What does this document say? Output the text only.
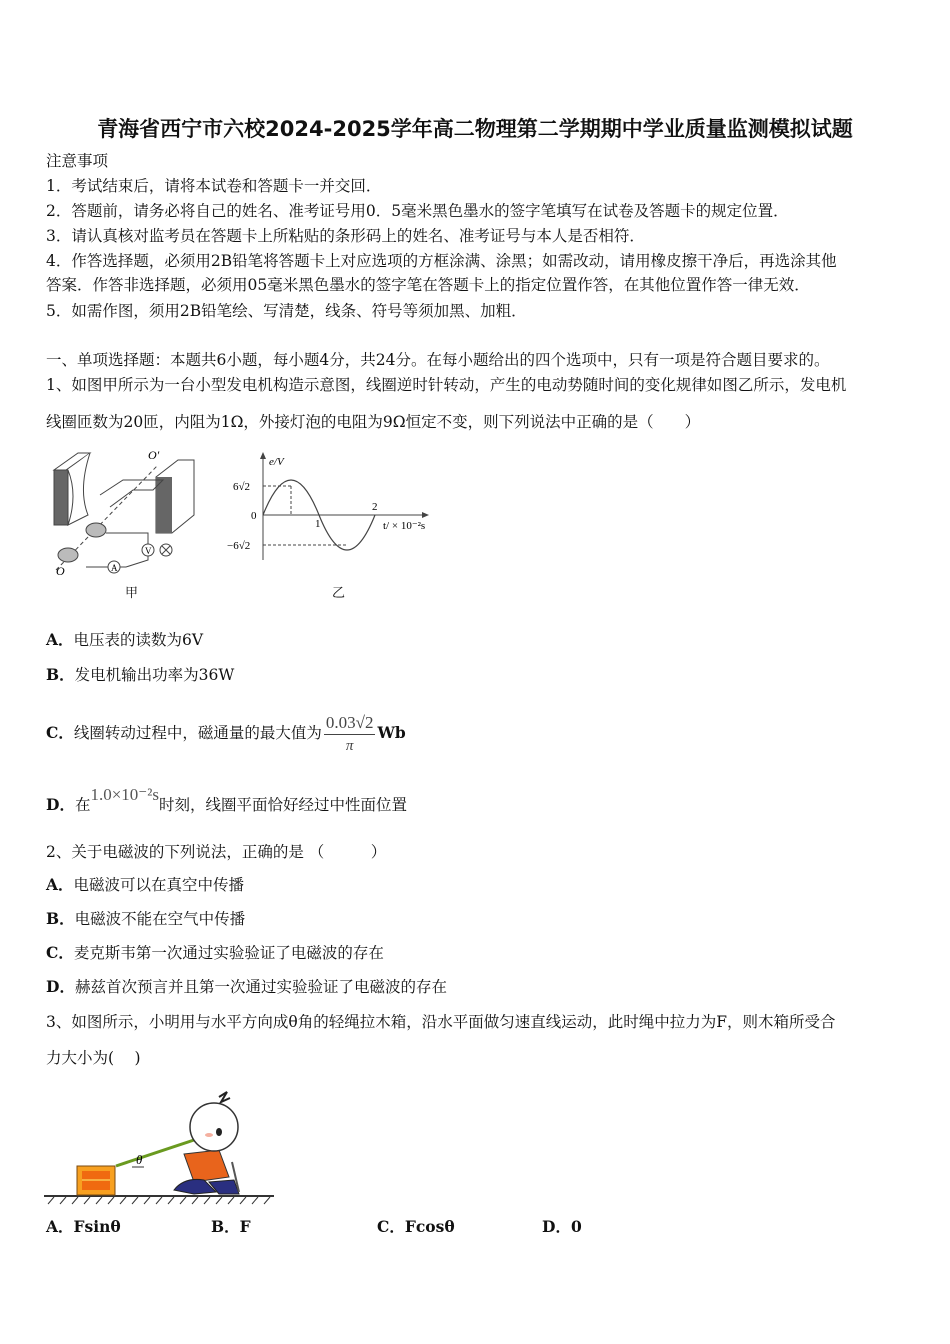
青海省西宁市六校2024-2025学年高二物理第二学期期中学业质量监测模拟试题
注意事项
1．考试结束后，请将本试卷和答题卡一并交回．
2．答题前，请务必将自己的姓名、准考证号用0．5毫米黑色墨水的签字笔填写在试卷及答题卡的规定位置．
3．请认真核对监考员在答题卡上所粘贴的条形码上的姓名、准考证号与本人是否相符．
4．作答选择题，必须用2B铅笔将答题卡上对应选项的方框涂满、涂黑；如需改动，请用橡皮擦干净后，再选涂其他
答案．作答非选择题，必须用05毫米黑色墨水的签字笔在答题卡上的指定位置作答，在其他位置作答一律无效．
5．如需作图，须用2B铅笔绘、写清楚，线条、符号等须加黑、加粗．
一、单项选择题：本题共6小题，每小题4分，共24分。在每小题给出的四个选项中，只有一项是符合题目要求的。
1、如图甲所示为一台小型发电机构造示意图，线圈逆时针转动，产生的电动势随时间的变化规律如图乙所示，发电机
线圈匝数为20匝，内阻为1Ω，外接灯泡的电阻为9Ω恒定不变，则下列说法中正确的是（　　）
V
A
O′
O
甲
e/V
6√2
0
−6√2
1
2
t/ × 10⁻²s
乙
A．电压表的读数为6V
B．发电机输出功率为36W
C．线圈转动过程中，磁通量的最大值为 $\frac{0.03√2}{\pi}$ Wb
D．在1.0×10⁻²s时刻，线圈平面恰好经过中性面位置
2、关于电磁波的下列说法，正确的是 （　　　）
A．电磁波可以在真空中传播
B．电磁波不能在空气中传播
C．麦克斯韦第一次通过实验验证了电磁波的存在
D．赫兹首次预言并且第一次通过实验验证了电磁波的存在
3、如图所示，小明用与水平方向成θ角的轻绳拉木箱，沿水平面做匀速直线运动，此时绳中拉力为F，则木箱所受合
力大小为(　 )
θ
A．Fsinθ	B．F	C．Fcosθ	D．0
